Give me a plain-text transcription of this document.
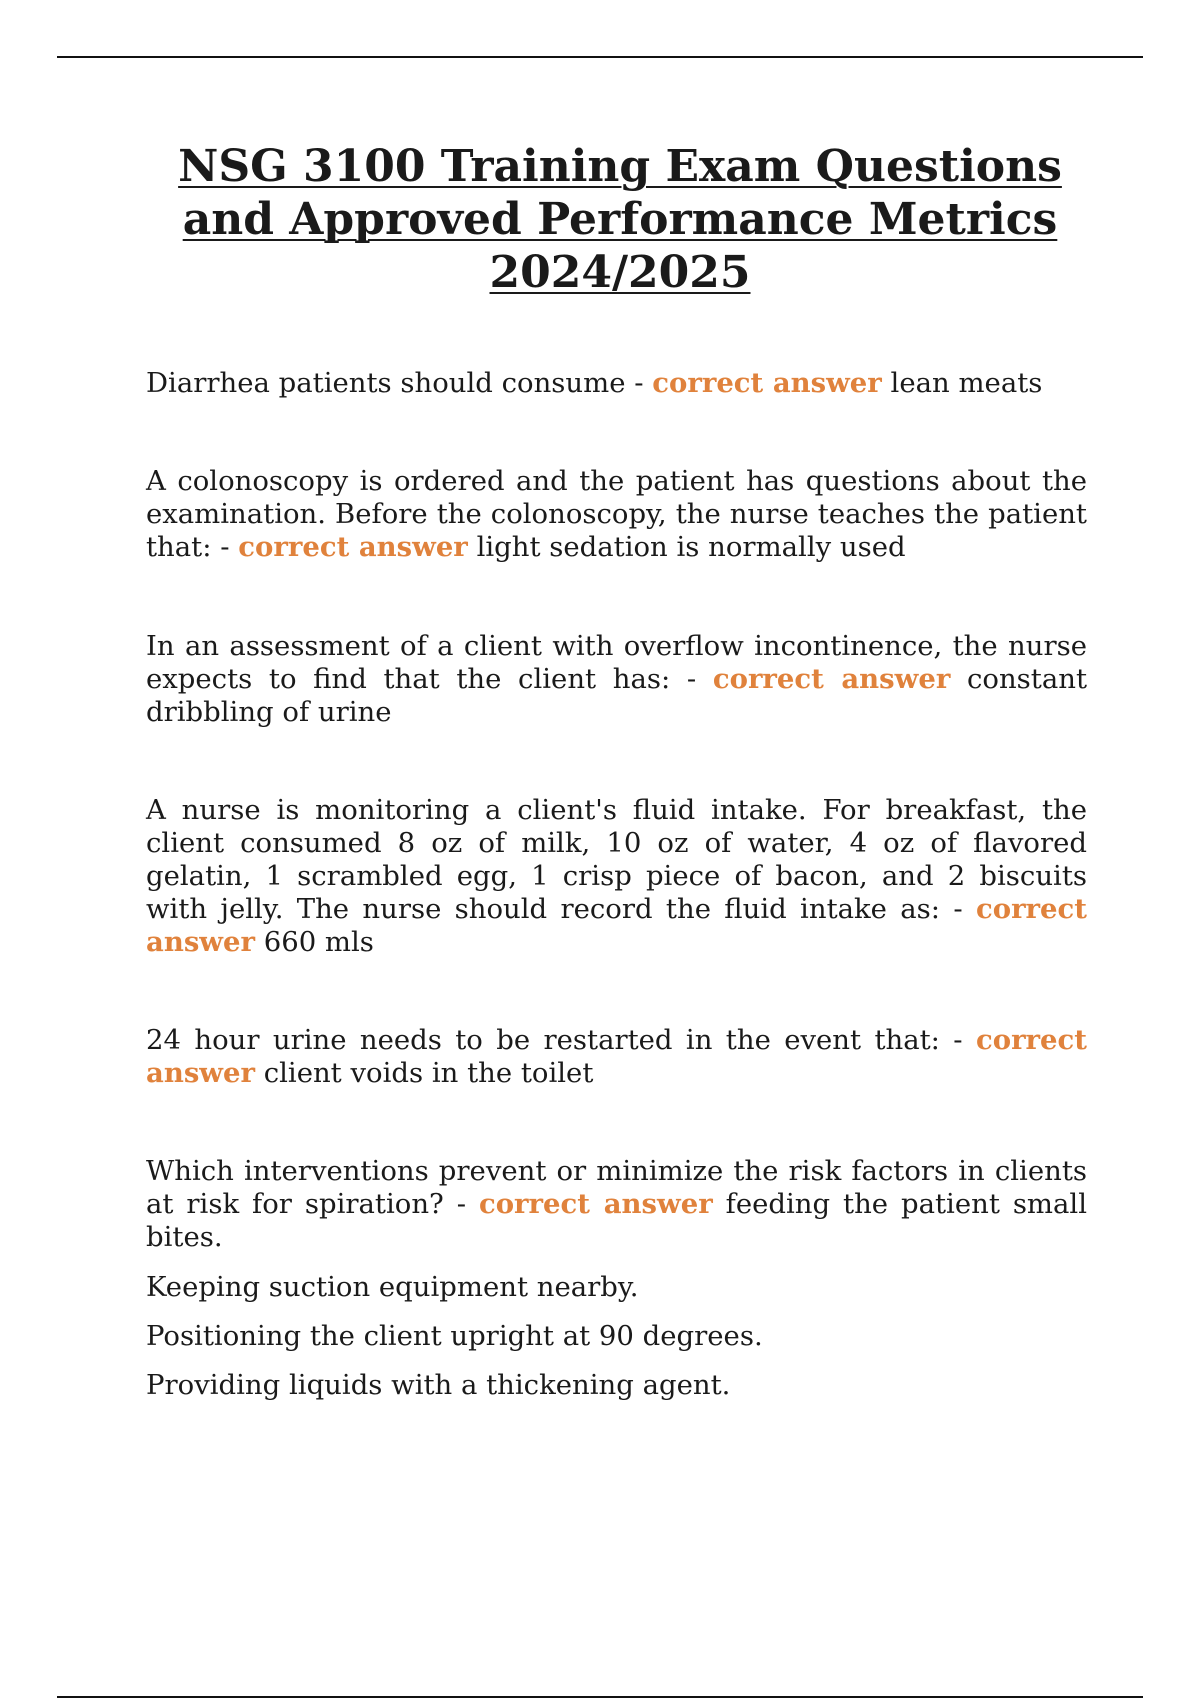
NSG 3100 Training Exam Questions and Approved Performance Metrics 2024/2025

Diarrhea patients should consume - correct answer lean meats

A colonoscopy is ordered and the patient has questions about the examination. Before the colonoscopy, the nurse teaches the patient that: - correct answer light sedation is normally used

In an assessment of a client with overflow incontinence, the nurse expects to find that the client has: - correct answer constant dribbling of urine

A nurse is monitoring a client's fluid intake. For breakfast, the client consumed 8 oz of milk, 10 oz of water, 4 oz of flavored gelatin, 1 scrambled egg, 1 crisp piece of bacon, and 2 biscuits with jelly. The nurse should record the fluid intake as: - correct answer 660 mls

24 hour urine needs to be restarted in the event that: - correct answer client voids in the toilet

Which interventions prevent or minimize the risk factors in clients at risk for spiration? - correct answer feeding the patient small bites.

Keeping suction equipment nearby.

Positioning the client upright at 90 degrees.

Providing liquids with a thickening agent.
